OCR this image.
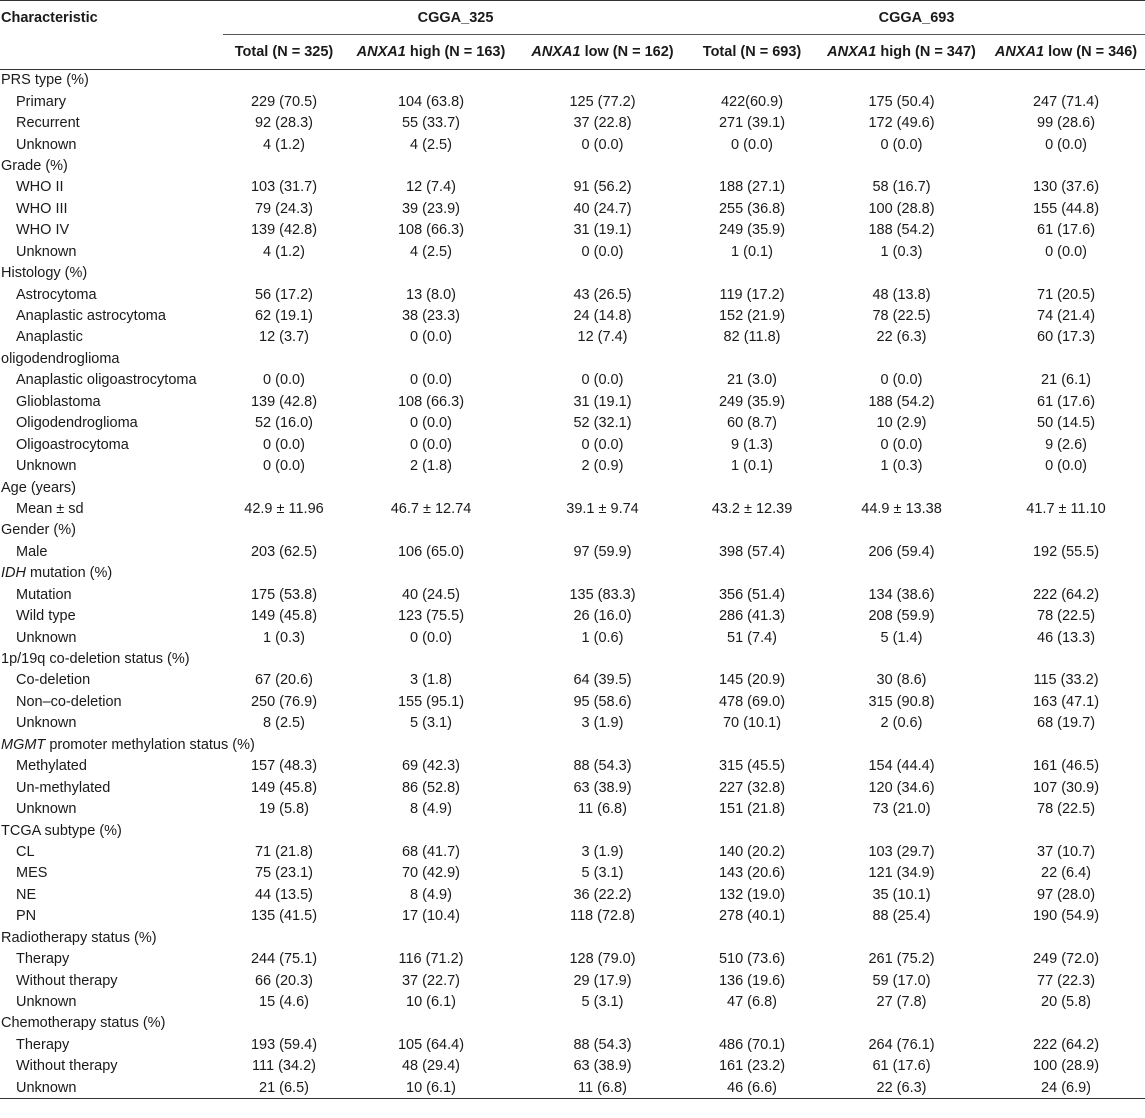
Characteristic	CGGA_325			CGGA_693		
	Total (N = 325)	ANXA1 high (N = 163)	ANXA1 low (N = 162)	Total (N = 693)	ANXA1 high (N = 347)	ANXA1 low (N = 346)
PRS type (%)						
Primary	229 (70.5)	104 (63.8)	125 (77.2)	422(60.9)	175 (50.4)	247 (71.4)
Recurrent	92 (28.3)	55 (33.7)	37 (22.8)	271 (39.1)	172 (49.6)	99 (28.6)
Unknown	4 (1.2)	4 (2.5)	0 (0.0)	0 (0.0)	0 (0.0)	0 (0.0)
Grade (%)						
WHO II	103 (31.7)	12 (7.4)	91 (56.2)	188 (27.1)	58 (16.7)	130 (37.6)
WHO III	79 (24.3)	39 (23.9)	40 (24.7)	255 (36.8)	100 (28.8)	155 (44.8)
WHO IV	139 (42.8)	108 (66.3)	31 (19.1)	249 (35.9)	188 (54.2)	61 (17.6)
Unknown	4 (1.2)	4 (2.5)	0 (0.0)	1 (0.1)	1 (0.3)	0 (0.0)
Histology (%)						
Astrocytoma	56 (17.2)	13 (8.0)	43 (26.5)	119 (17.2)	48 (13.8)	71 (20.5)
Anaplastic astrocytoma	62 (19.1)	38 (23.3)	24 (14.8)	152 (21.9)	78 (22.5)	74 (21.4)
Anaplastic	12 (3.7)	0 (0.0)	12 (7.4)	82 (11.8)	22 (6.3)	60 (17.3)
oligodendroglioma						
Anaplastic oligoastrocytoma	0 (0.0)	0 (0.0)	0 (0.0)	21 (3.0)	0 (0.0)	21 (6.1)
Glioblastoma	139 (42.8)	108 (66.3)	31 (19.1)	249 (35.9)	188 (54.2)	61 (17.6)
Oligodendroglioma	52 (16.0)	0 (0.0)	52 (32.1)	60 (8.7)	10 (2.9)	50 (14.5)
Oligoastrocytoma	0 (0.0)	0 (0.0)	0 (0.0)	9 (1.3)	0 (0.0)	9 (2.6)
Unknown	0 (0.0)	2 (1.8)	2 (0.9)	1 (0.1)	1 (0.3)	0 (0.0)
Age (years)						
Mean ± sd	42.9 ± 11.96	46.7 ± 12.74	39.1 ± 9.74	43.2 ± 12.39	44.9 ± 13.38	41.7 ± 11.10
Gender (%)						
Male	203 (62.5)	106 (65.0)	97 (59.9)	398 (57.4)	206 (59.4)	192 (55.5)
IDH mutation (%)						
Mutation	175 (53.8)	40 (24.5)	135 (83.3)	356 (51.4)	134 (38.6)	222 (64.2)
Wild type	149 (45.8)	123 (75.5)	26 (16.0)	286 (41.3)	208 (59.9)	78 (22.5)
Unknown	1 (0.3)	0 (0.0)	1 (0.6)	51 (7.4)	5 (1.4)	46 (13.3)
1p/19q co-deletion status (%)						
Co-deletion	67 (20.6)	3 (1.8)	64 (39.5)	145 (20.9)	30 (8.6)	115 (33.2)
Non–co-deletion	250 (76.9)	155 (95.1)	95 (58.6)	478 (69.0)	315 (90.8)	163 (47.1)
Unknown	8 (2.5)	5 (3.1)	3 (1.9)	70 (10.1)	2 (0.6)	68 (19.7)
MGMT promoter methylation status (%)						
Methylated	157 (48.3)	69 (42.3)	88 (54.3)	315 (45.5)	154 (44.4)	161 (46.5)
Un-methylated	149 (45.8)	86 (52.8)	63 (38.9)	227 (32.8)	120 (34.6)	107 (30.9)
Unknown	19 (5.8)	8 (4.9)	11 (6.8)	151 (21.8)	73 (21.0)	78 (22.5)
TCGA subtype (%)						
CL	71 (21.8)	68 (41.7)	3 (1.9)	140 (20.2)	103 (29.7)	37 (10.7)
MES	75 (23.1)	70 (42.9)	5 (3.1)	143 (20.6)	121 (34.9)	22 (6.4)
NE	44 (13.5)	8 (4.9)	36 (22.2)	132 (19.0)	35 (10.1)	97 (28.0)
PN	135 (41.5)	17 (10.4)	118 (72.8)	278 (40.1)	88 (25.4)	190 (54.9)
Radiotherapy status (%)						
Therapy	244 (75.1)	116 (71.2)	128 (79.0)	510 (73.6)	261 (75.2)	249 (72.0)
Without therapy	66 (20.3)	37 (22.7)	29 (17.9)	136 (19.6)	59 (17.0)	77 (22.3)
Unknown	15 (4.6)	10 (6.1)	5 (3.1)	47 (6.8)	27 (7.8)	20 (5.8)
Chemotherapy status (%)						
Therapy	193 (59.4)	105 (64.4)	88 (54.3)	486 (70.1)	264 (76.1)	222 (64.2)
Without therapy	111 (34.2)	48 (29.4)	63 (38.9)	161 (23.2)	61 (17.6)	100 (28.9)
Unknown	21 (6.5)	10 (6.1)	11 (6.8)	46 (6.6)	22 (6.3)	24 (6.9)
